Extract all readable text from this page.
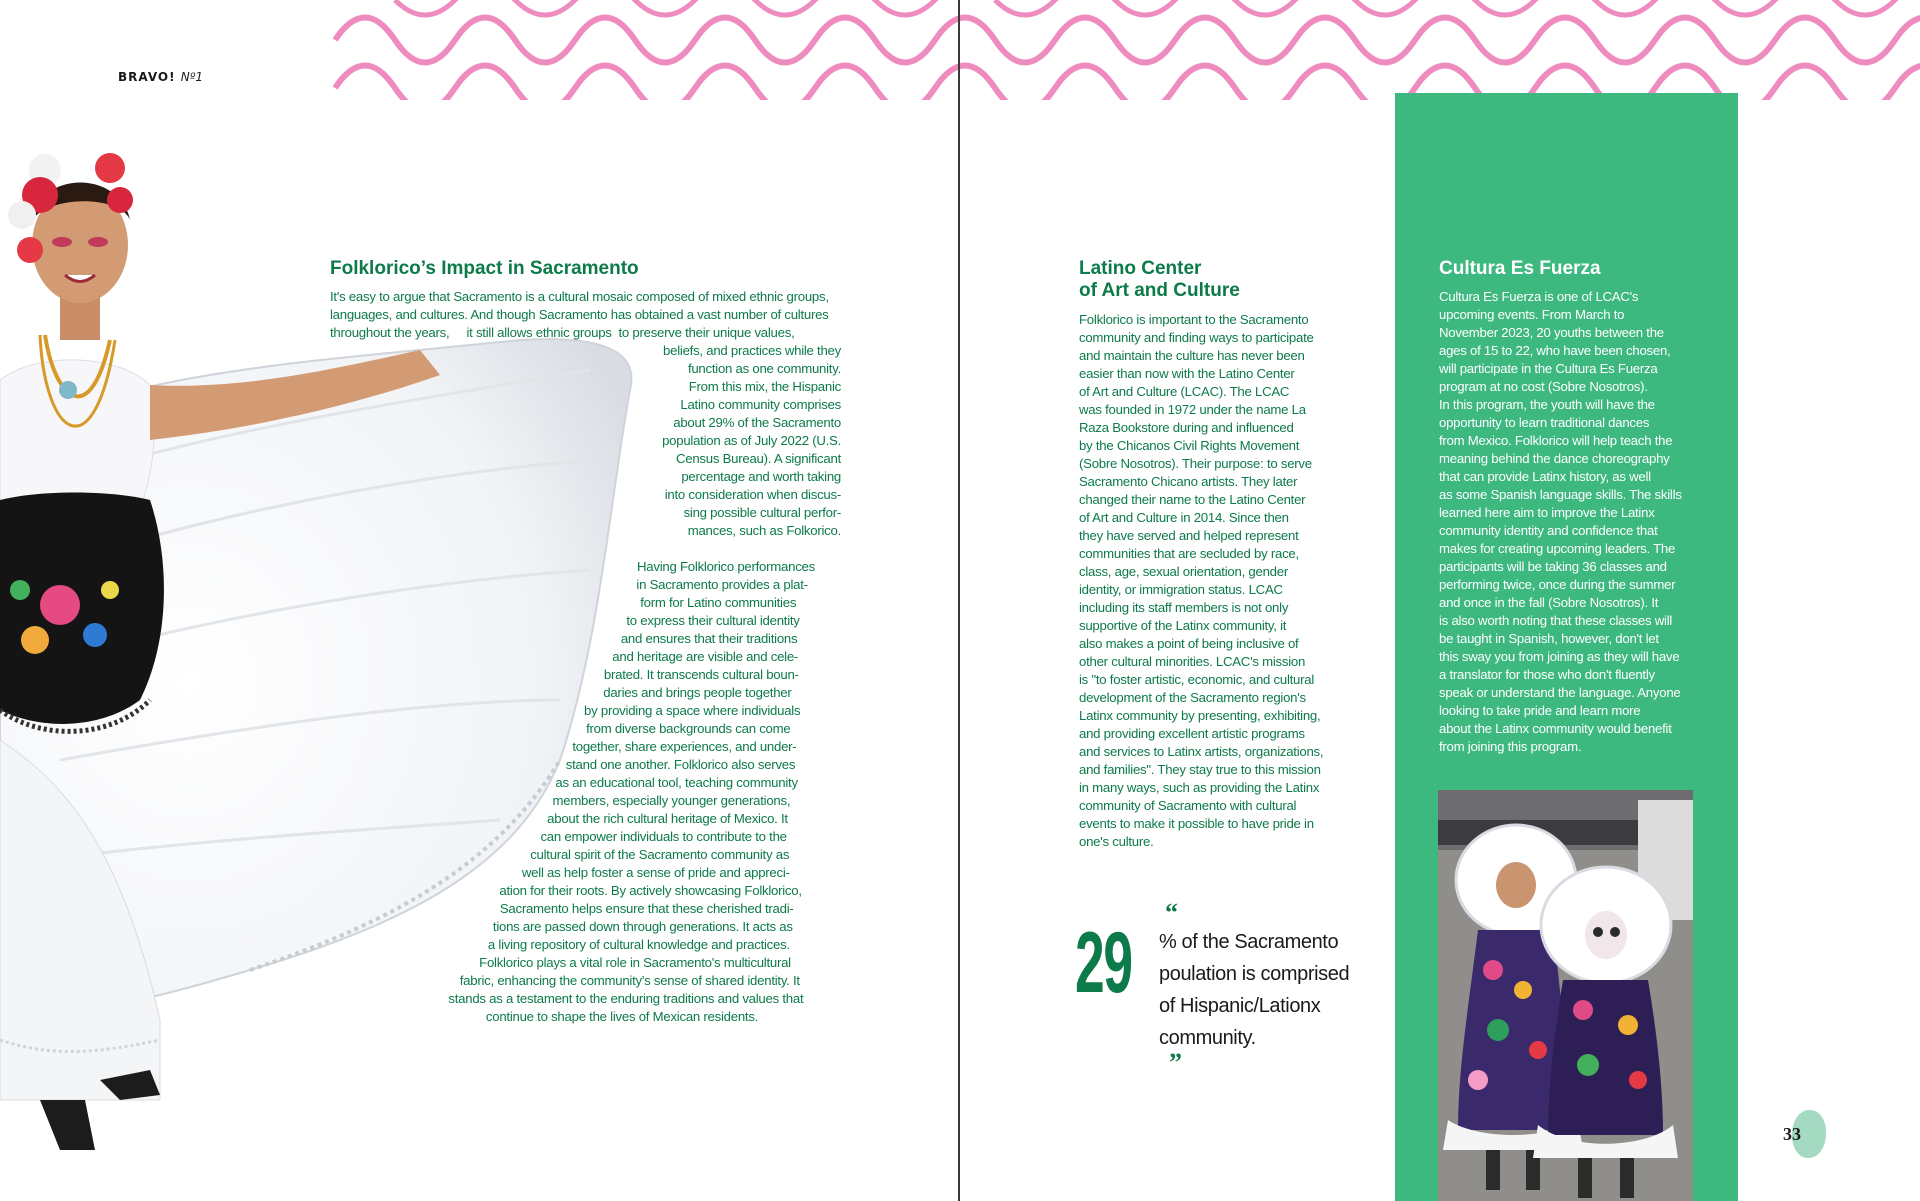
BRAVO! Nº1
Folklorico’s Impact in Sacramento
It's easy to argue that Sacramento is a cultural mosaic composed of mixed ethnic groups,
languages, and cultures. And though Sacramento has obtained a vast number of cultures
throughout the years,     it still allows ethnic groups  to preserve their unique values,
beliefs, and practices while they
function as one community.
From this mix, the Hispanic
Latino community comprises
about 29% of the Sacramento
population as of July 2022 (U.S.
Census Bureau). A significant
percentage and worth taking
into consideration when discus-
sing possible cultural perfor-
mances, such as Folkorico.
Having Folklorico performances
in Sacramento provides a plat-
form for Latino communities
to express their cultural identity
and ensures that their traditions
and heritage are visible and cele-
brated. It transcends cultural boun-
daries and brings people together
by providing a space where individuals
from diverse backgrounds can come
together, share experiences, and under-
stand one another. Folklorico also serves
as an educational tool, teaching community
members, especially younger generations,
about the rich cultural heritage of Mexico. It
can empower individuals to contribute to the
cultural spirit of the Sacramento community as
well as help foster a sense of pride and appreci-
ation for their roots. By actively showcasing Folklorico,
Sacramento helps ensure that these cherished tradi-
tions are passed down through generations. It acts as
a living repository of cultural knowledge and practices.
Folklorico plays a vital role in Sacramento's multicultural
fabric, enhancing the community's sense of shared identity. It
stands as a testament to the enduring traditions and values that
continue to shape the lives of Mexican residents.
Latino Center
of Art and Culture
Folklorico is important to the Sacramento
community and finding ways to participate
and maintain the culture has never been
easier than now with the Latino Center
of Art and Culture (LCAC). The LCAC
was founded in 1972 under the name La
Raza Bookstore during and influenced
by the Chicanos Civil Rights Movement
(Sobre Nosotros). Their purpose: to serve
Sacramento Chicano artists. They later
changed their name to the Latino Center
of Art and Culture in 2014. Since then
they have served and helped represent
communities that are secluded by race,
class, age, sexual orientation, gender
identity, or immigration status. LCAC
including its staff members is not only
supportive of the Latinx community, it
also makes a point of being inclusive of
other cultural minorities. LCAC's mission
is "to foster artistic, economic, and cultural
development of the Sacramento region's
Latinx community by presenting, exhibiting,
and providing excellent artistic programs
and services to Latinx artists, organizations,
and families". They stay true to this mission
in many ways, such as providing the Latinx
community of Sacramento with cultural
events to make it possible to have pride in
one's culture.
29
“
% of the Sacramento
poulation is comprised
of Hispanic/Lationx
community.
”
Cultura Es Fuerza
Cultura Es Fuerza is one of LCAC's
upcoming events. From March to
November 2023, 20 youths between the
ages of 15 to 22, who have been chosen,
will participate in the Cultura Es Fuerza
program at no cost (Sobre Nosotros).
In this program, the youth will have the
opportunity to learn traditional dances
from Mexico. Folklorico will help teach the
meaning behind the dance choreography
that can provide Latinx history, as well
as some Spanish language skills. The skills
learned here aim to improve the Latinx
community identity and confidence that
makes for creating upcoming leaders. The
participants will be taking 36 classes and
performing twice, once during the summer
and once in the fall (Sobre Nosotros). It
is also worth noting that these classes will
be taught in Spanish, however, don't let
this sway you from joining as they will have
a translator for those who don't fluently
speak or understand the language. Anyone
looking to take pride and learn more
about the Latinx community would benefit
from joining this program.
33
